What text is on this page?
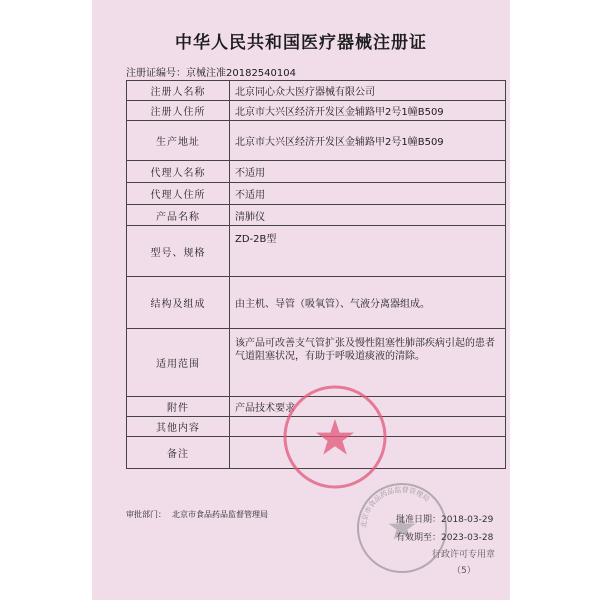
中华人民共和国医疗器械注册证
注册证编号：京械注准20182540104
注册人名称	北京同心众大医疗器械有限公司
注册人住所	北京市大兴区经济开发区金辅路甲2号1幢B509
生产地址	北京市大兴区经济开发区金辅路甲2号1幢B509
代理人名称	不适用
代理人住所	不适用
产品名称	清肺仪
型号、规格	ZD-2B型
结构及组成	由主机、导管（吸氧管）、气液分离器组成。
适用范围	该产品可改善支气管扩张及慢性阻塞性肺部疾病引起的患者气道阻塞状况，有助于呼吸道痰液的清除。
附件	产品技术要求
其他内容	
备注	
北京市食品药品监督管理局
审批部门： 北京市食品药品监督管理局
批准日期：2018-03-29
有效期至：2023-03-28
行政许可专用章
（5）
